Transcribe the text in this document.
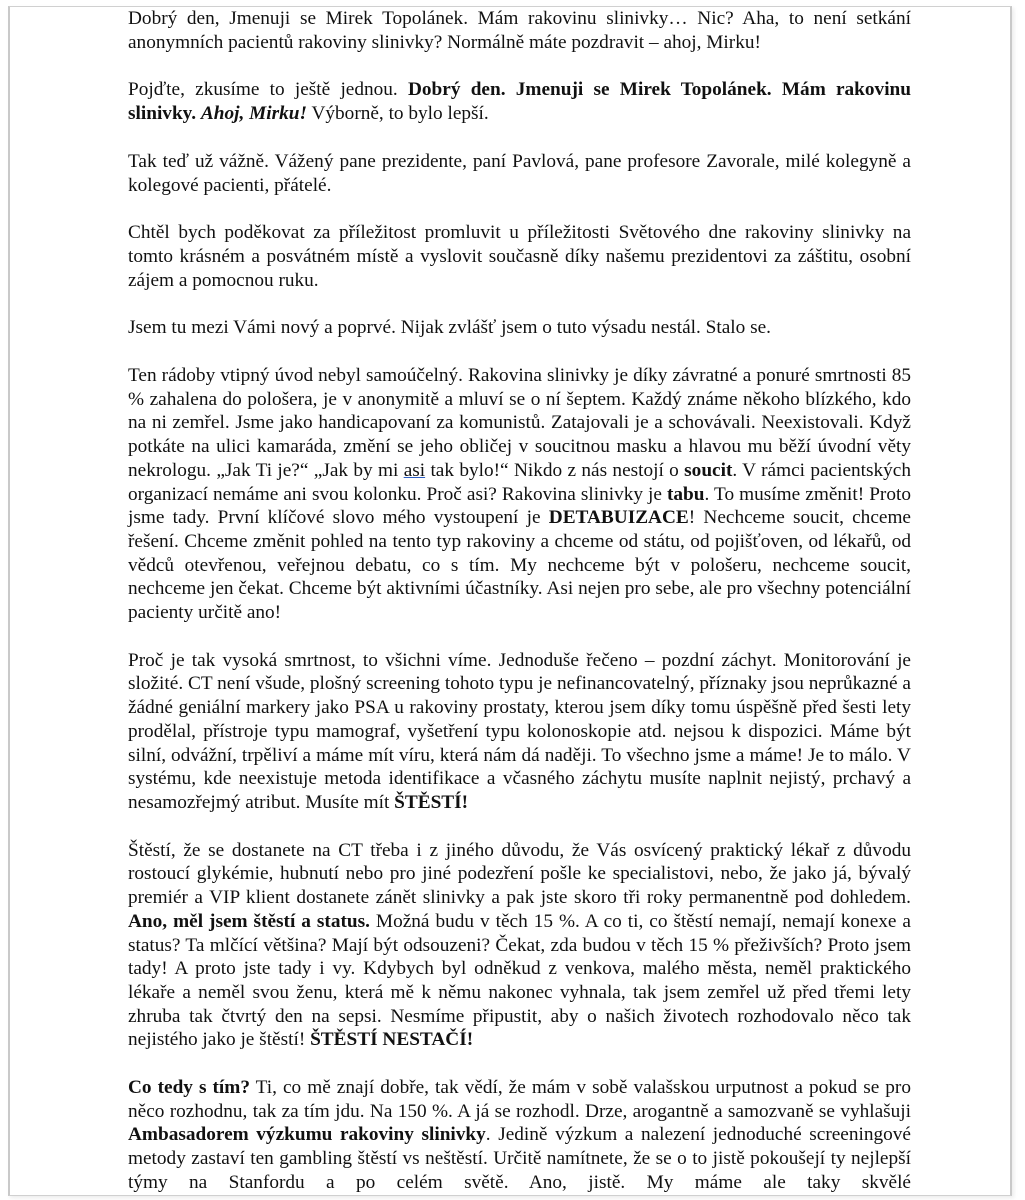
Dobrý den, Jmenuji se Mirek Topolánek. Mám rakovinu slinivky… Nic? Aha, to není setkání anonymních pacientů rakoviny slinivky? Normálně máte pozdravit – ahoj, Mirku!

Pojďte, zkusíme to ještě jednou. Dobrý den. Jmenuji se Mirek Topolánek. Mám rakovinu slinivky. Ahoj, Mirku! Výborně, to bylo lepší.

Tak teď už vážně. Vážený pane prezidente, paní Pavlová, pane profesore Zavorale, milé kolegyně a kolegové pacienti, přátelé.

Chtěl bych poděkovat za příležitost promluvit u příležitosti Světového dne rakoviny slinivky na tomto krásném a posvátném místě a vyslovit současně díky našemu prezidentovi za záštitu, osobní zájem a pomocnou ruku.

Jsem tu mezi Vámi nový a poprvé. Nijak zvlášť jsem o tuto výsadu nestál. Stalo se.

Ten rádoby vtipný úvod nebyl samoúčelný. Rakovina slinivky je díky závratné a ponuré smrtnosti 85 % zahalena do pološera, je v anonymitě a mluví se o ní šeptem. Každý známe někoho blízkého, kdo na ni zemřel. Jsme jako handicapovaní za komunistů. Zatajovali je a schovávali. Neexistovali. Když potkáte na ulici kamaráda, změní se jeho obličej v soucitnou masku a hlavou mu běží úvodní věty nekrologu. „Jak Ti je?“ „Jak by mi asi tak bylo!“ Nikdo z nás nestojí o soucit. V rámci pacientských organizací nemáme ani svou kolonku. Proč asi? Rakovina slinivky je tabu. To musíme změnit! Proto jsme tady. První klíčové slovo mého vystoupení je DETABUIZACE! Nechceme soucit, chceme řešení. Chceme změnit pohled na tento typ rakoviny a chceme od státu, od pojišťoven, od lékařů, od vědců otevřenou, veřejnou debatu, co s tím. My nechceme být v pološeru, nechceme soucit, nechceme jen čekat. Chceme být aktivními účastníky. Asi nejen pro sebe, ale pro všechny potenciální pacienty určitě ano!

Proč je tak vysoká smrtnost, to všichni víme. Jednoduše řečeno – pozdní záchyt. Monitorování je složité. CT není všude, plošný screening tohoto typu je nefinancovatelný, příznaky jsou neprůkazné a žádné geniální markery jako PSA u rakoviny prostaty, kterou jsem díky tomu úspěšně před šesti lety prodělal, přístroje typu mamograf, vyšetření typu kolonoskopie atd. nejsou k dispozici. Máme být silní, odvážní, trpěliví a máme mít víru, která nám dá naději. To všechno jsme a máme! Je to málo. V systému, kde neexistuje metoda identifikace a včasného záchytu musíte naplnit nejistý, prchavý a nesamozřejmý atribut. Musíte mít ŠTĚSTÍ!

Štěstí, že se dostanete na CT třeba i z jiného důvodu, že Vás osvícený praktický lékař z důvodu rostoucí glykémie, hubnutí nebo pro jiné podezření pošle ke specialistovi, nebo, že jako já, bývalý premiér a VIP klient dostanete zánět slinivky a pak jste skoro tři roky permanentně pod dohledem. Ano, měl jsem štěstí a status. Možná budu v těch 15 %. A co ti, co štěstí nemají, nemají konexe a status? Ta mlčící většina? Mají být odsouzeni? Čekat, zda budou v těch 15 % přeživších? Proto jsem tady! A proto jste tady i vy. Kdybych byl odněkud z venkova, malého města, neměl praktického lékaře a neměl svou ženu, která mě k němu nakonec vyhnala, tak jsem zemřel už před třemi lety zhruba tak čtvrtý den na sepsi. Nesmíme připustit, aby o našich životech rozhodovalo něco tak nejistého jako je štěstí! ŠTĚSTÍ NESTAČÍ!

Co tedy s tím? Ti, co mě znají dobře, tak vědí, že mám v sobě valašskou urputnost a pokud se pro něco rozhodnu, tak za tím jdu. Na 150 %. A já se rozhodl. Drze, arogantně a samozvaně se vyhlašuji Ambasadorem výzkumu rakoviny slinivky. Jedině výzkum a nalezení jednoduché screeningové metody zastaví ten gambling štěstí vs neštěstí. Určitě namítnete, že se o to jistě pokoušejí ty nejlepší týmy na Stanfordu a po celém světě. Ano, jistě. My máme ale taky skvělé
